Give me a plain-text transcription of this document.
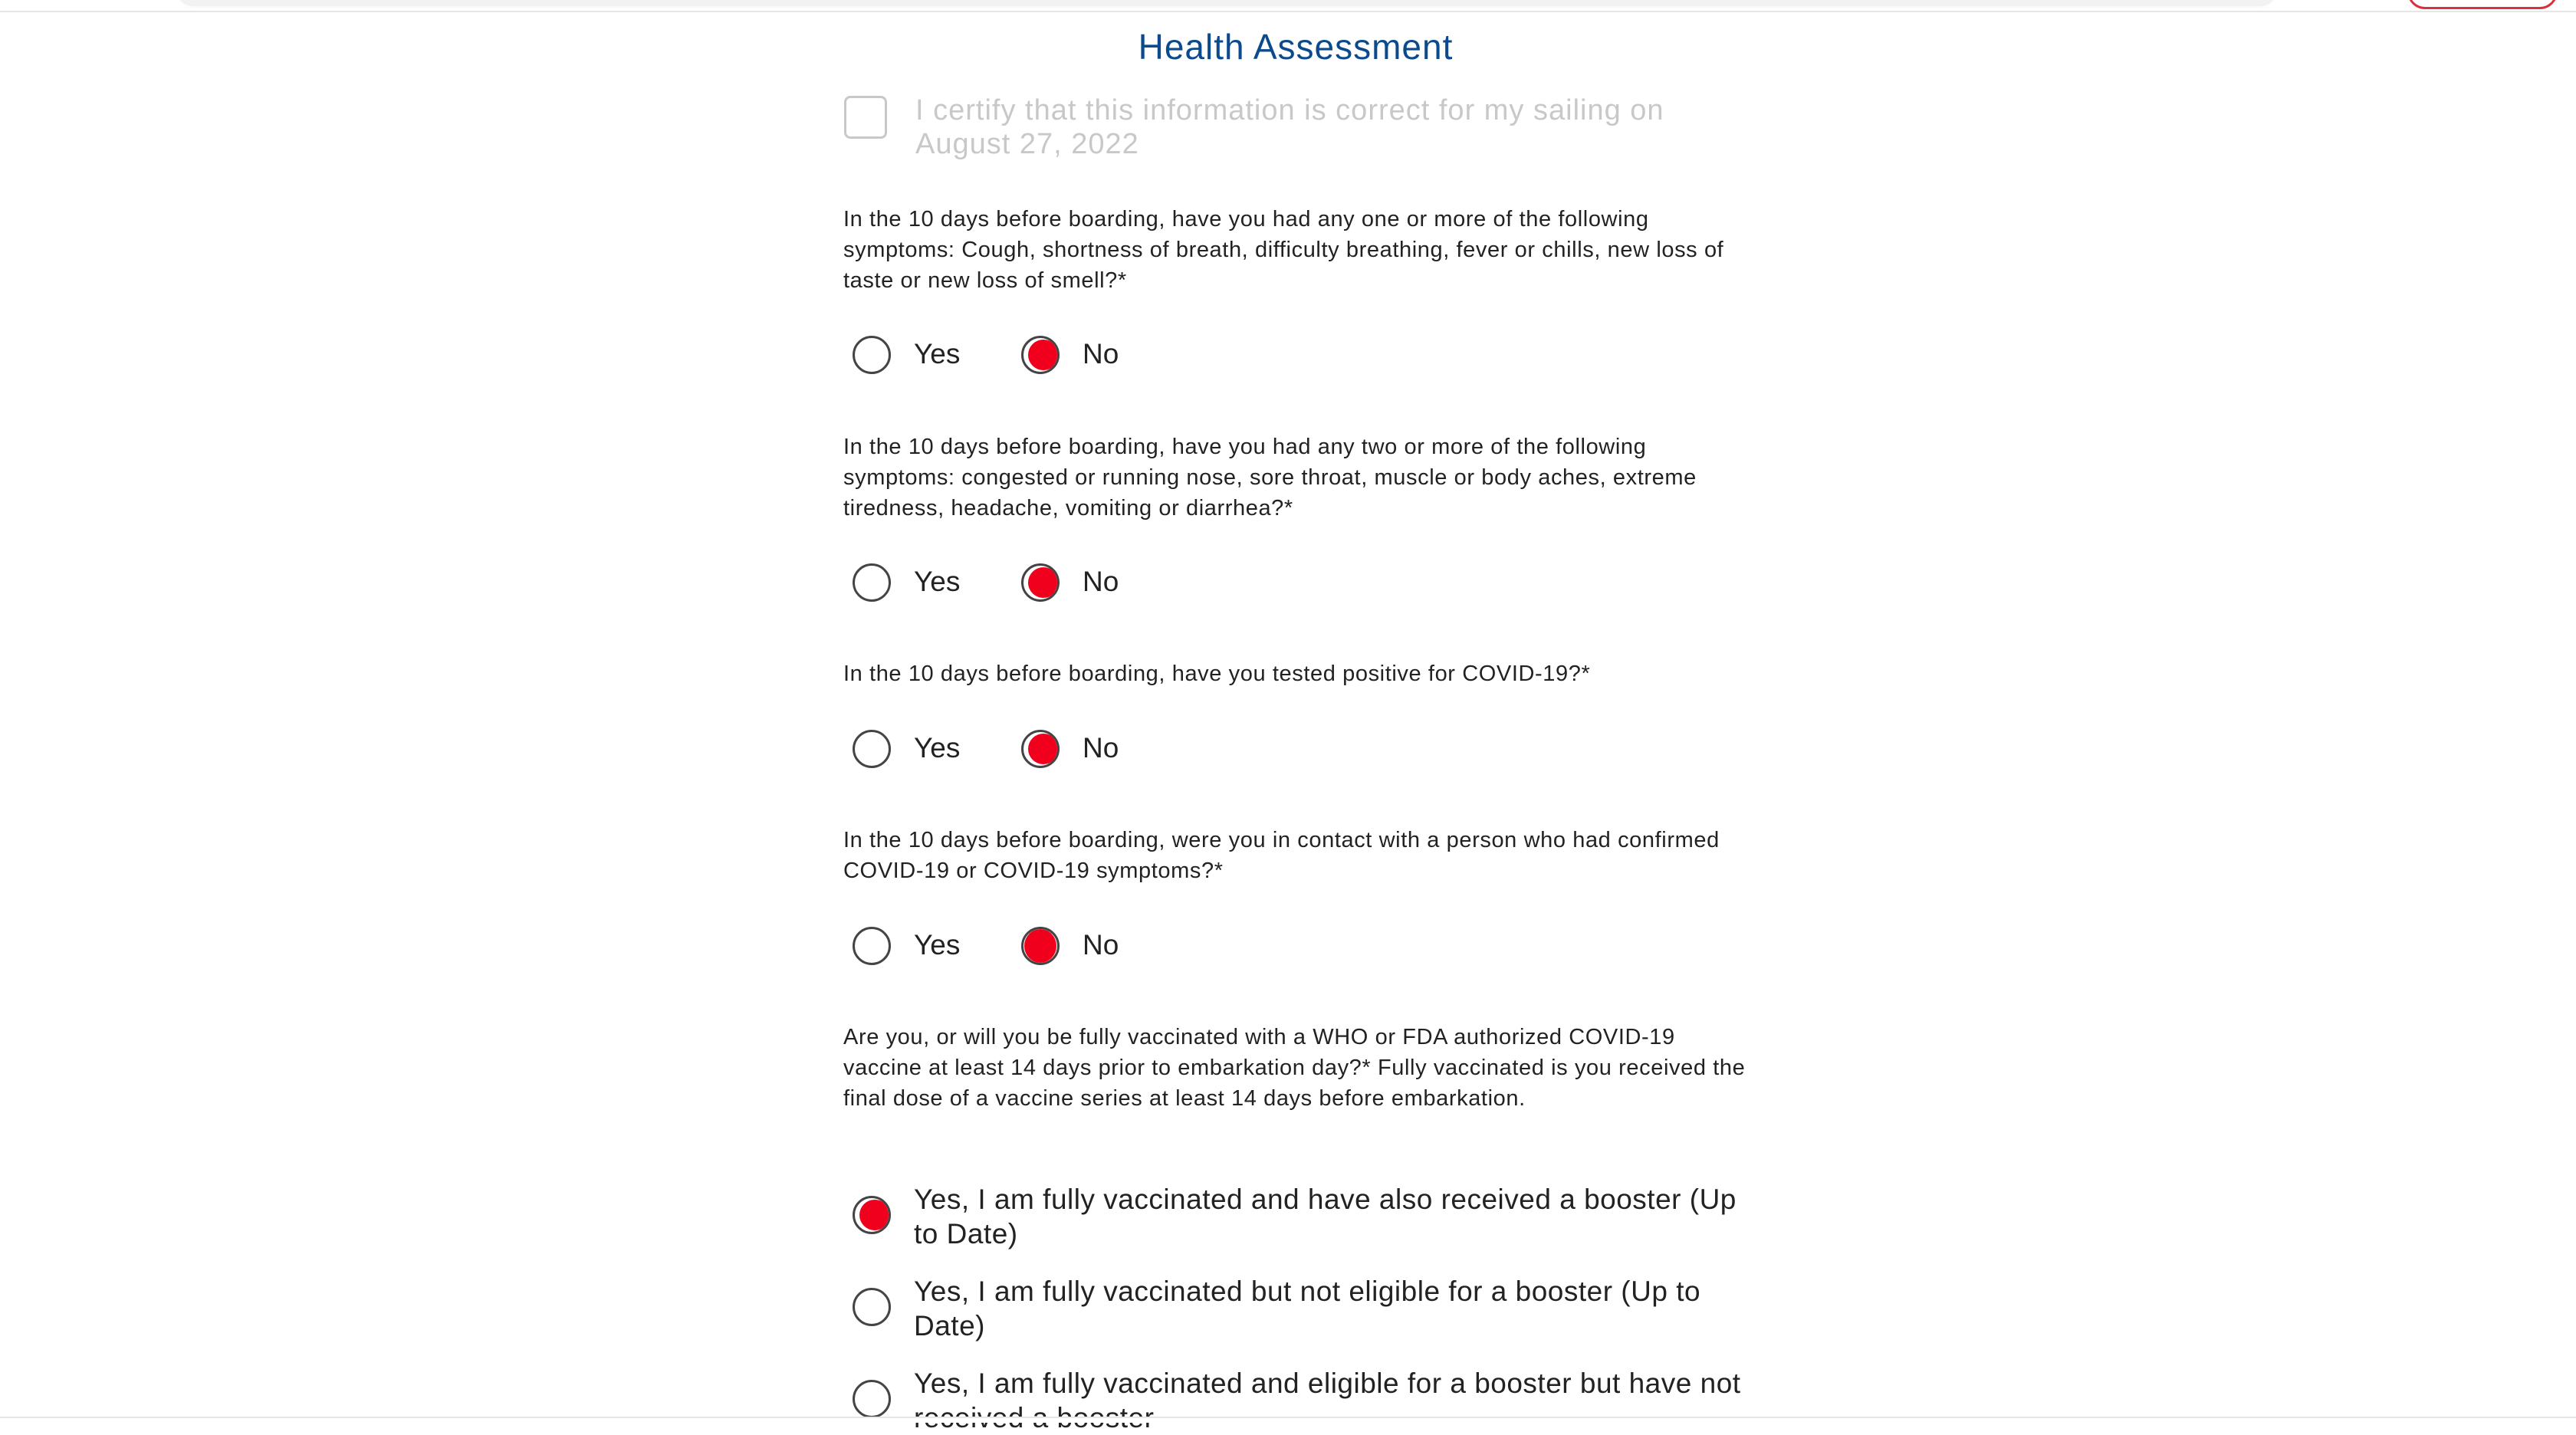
Health Assessment
I certify that this information is correct for my sailing on August 27, 2022
In the 10 days before boarding, have you had any one or more of the following symptoms: Cough, shortness of breath, difficulty breathing, fever or chills, new loss of taste or new loss of smell?*
Yes	No
In the 10 days before boarding, have you had any two or more of the following symptoms: congested or running nose, sore throat, muscle or body aches, extreme tiredness, headache, vomiting or diarrhea?*
Yes	No
In the 10 days before boarding, have you tested positive for COVID-19?*
Yes	No
In the 10 days before boarding, were you in contact with a person who had confirmed COVID-19 or COVID-19 symptoms?*
Yes	No
Are you, or will you be fully vaccinated with a WHO or FDA authorized COVID-19 vaccine at least 14 days prior to embarkation day?* Fully vaccinated is you received the final dose of a vaccine series at least 14 days before embarkation.
Yes, I am fully vaccinated and have also received a booster (Up to Date)
Yes, I am fully vaccinated but not eligible for a booster (Up to Date)
Yes, I am fully vaccinated and eligible for a booster but have not
